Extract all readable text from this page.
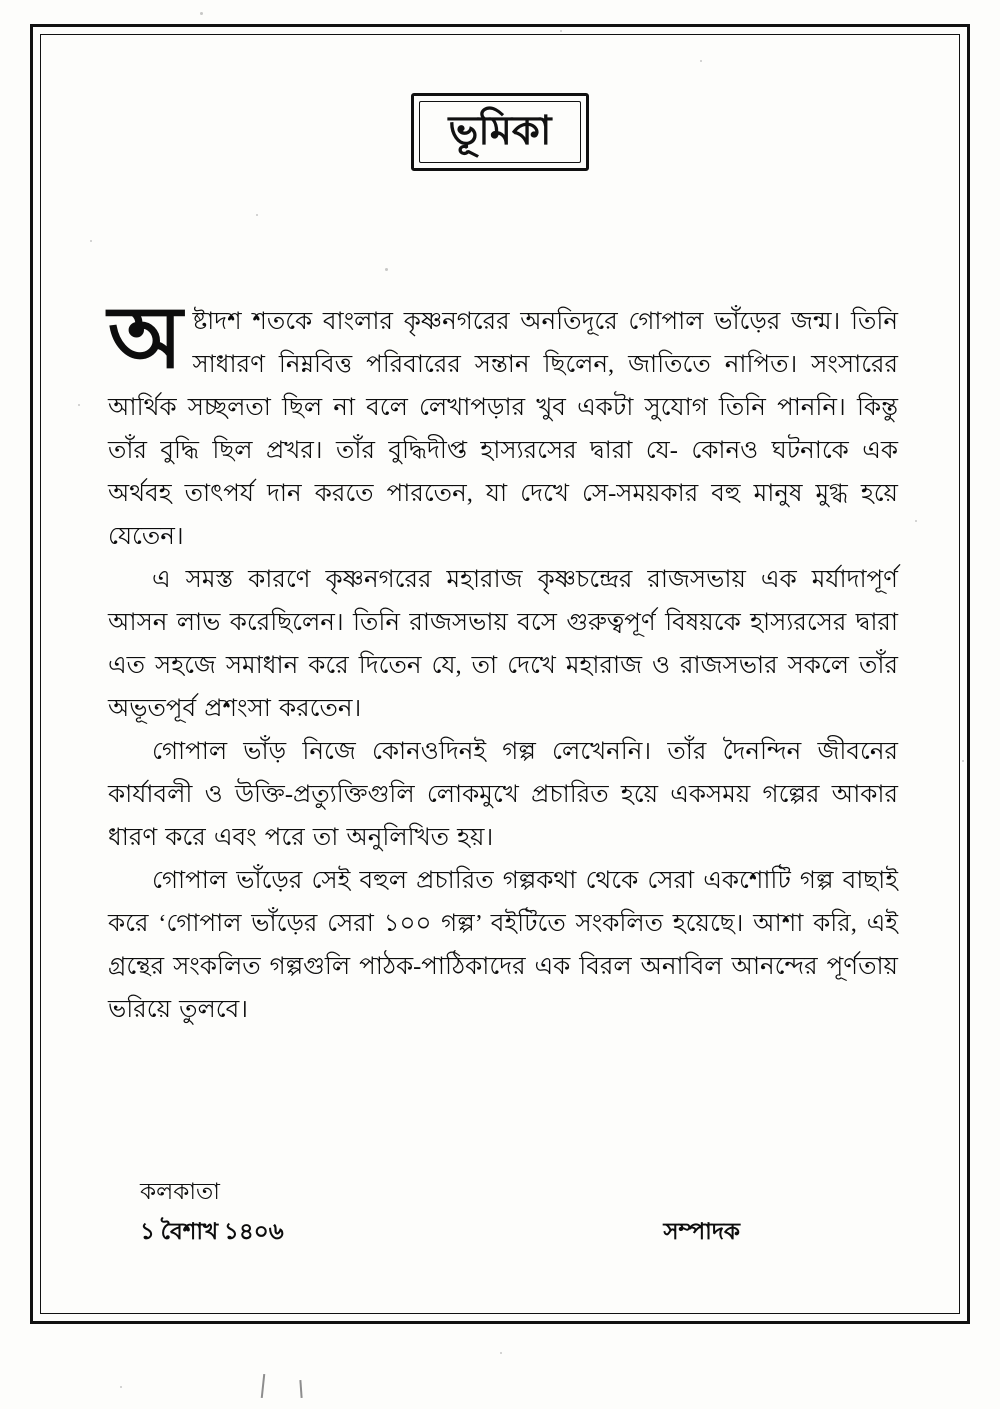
ভূমিকা

অষ্টাদশ শতকে বাংলার কৃষ্ণনগরের অনতিদূরে গোপাল ভাঁড়ের জন্ম। তিনি সাধারণ নিম্নবিত্ত পরিবারের সন্তান ছিলেন, জাতিতে নাপিত। সংসারের আর্থিক সচ্ছলতা ছিল না বলে লেখাপড়ার খুব একটা সুযোগ তিনি পাননি। কিন্তু তাঁর বুদ্ধি ছিল প্রখর। তাঁর বুদ্ধিদীপ্ত হাস্যরসের দ্বারা যে- কোনও ঘটনাকে এক অর্থবহ তাৎপর্য দান করতে পারতেন, যা দেখে সে-সময়কার বহু মানুষ মুগ্ধ হয়ে যেতেন।

এ সমস্ত কারণে কৃষ্ণনগরের মহারাজ কৃষ্ণচন্দ্রের রাজসভায় এক মর্যাদাপূর্ণ আসন লাভ করেছিলেন। তিনি রাজসভায় বসে গুরুত্বপূর্ণ বিষয়কে হাস্যরসের দ্বারা এত সহজে সমাধান করে দিতেন যে, তা দেখে মহারাজ ও রাজসভার সকলে তাঁর অভূতপূর্ব প্রশংসা করতেন।

গোপাল ভাঁড় নিজে কোনওদিনই গল্প লেখেননি। তাঁর দৈনন্দিন জীবনের কার্যাবলী ও উক্তি-প্রত্যুক্তিগুলি লোকমুখে প্রচারিত হয়ে একসময় গল্পের আকার ধারণ করে এবং পরে তা অনুলিখিত হয়।

গোপাল ভাঁড়ের সেই বহুল প্রচারিত গল্পকথা থেকে সেরা একশোটি গল্প বাছাই করে ‘গোপাল ভাঁড়ের সেরা ১০০ গল্প’ বইটিতে সংকলিত হয়েছে। আশা করি, এই গ্রন্থের সংকলিত গল্পগুলি পাঠক-পাঠিকাদের এক বিরল অনাবিল আনন্দের পূর্ণতায় ভরিয়ে তুলবে।

কলকাতা
১ বৈশাখ ১৪০৬	সম্পাদক
